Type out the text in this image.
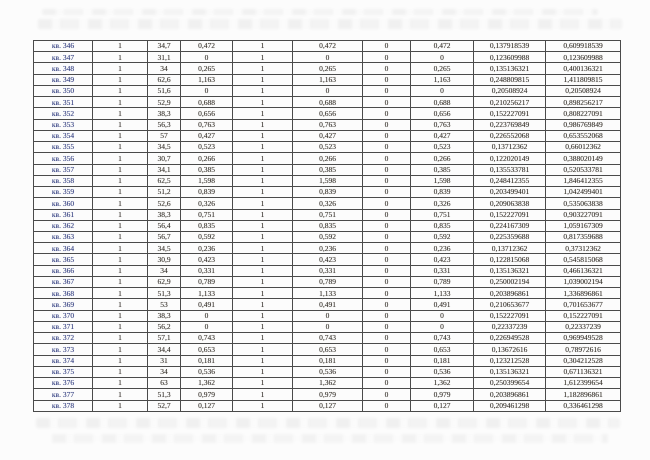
кв. 346	1	34,7	0,472	1	0,472	0	0,472	0,137918539	0,609918539
кв. 347	1	31,1	0	1	0	0	0	0,123609988	0,123609988
кв. 348	1	34	0,265	1	0,265	0	0,265	0,135136321	0,400136321
кв. 349	1	62,6	1,163	1	1,163	0	1,163	0,248809815	1,411809815
кв. 350	1	51,6	0	1	0	0	0	0,20508924	0,20508924
кв. 351	1	52,9	0,688	1	0,688	0	0,688	0,210256217	0,898256217
кв. 352	1	38,3	0,656	1	0,656	0	0,656	0,152227091	0,808227091
кв. 353	1	56,3	0,763	1	0,763	0	0,763	0,223769849	0,986769849
кв. 354	1	57	0,427	1	0,427	0	0,427	0,226552068	0,653552068
кв. 355	1	34,5	0,523	1	0,523	0	0,523	0,13712362	0,66012362
кв. 356	1	30,7	0,266	1	0,266	0	0,266	0,122020149	0,388020149
кв. 357	1	34,1	0,385	1	0,385	0	0,385	0,135533781	0,520533781
кв. 358	1	62,5	1,598	1	1,598	0	1,598	0,248412355	1,846412355
кв. 359	1	51,2	0,839	1	0,839	0	0,839	0,203499401	1,042499401
кв. 360	1	52,6	0,326	1	0,326	0	0,326	0,209063838	0,535063838
кв. 361	1	38,3	0,751	1	0,751	0	0,751	0,152227091	0,903227091
кв. 362	1	56,4	0,835	1	0,835	0	0,835	0,224167309	1,059167309
кв. 363	1	56,7	0,592	1	0,592	0	0,592	0,225359688	0,817359688
кв. 364	1	34,5	0,236	1	0,236	0	0,236	0,13712362	0,37312362
кв. 365	1	30,9	0,423	1	0,423	0	0,423	0,122815068	0,545815068
кв. 366	1	34	0,331	1	0,331	0	0,331	0,135136321	0,466136321
кв. 367	1	62,9	0,789	1	0,789	0	0,789	0,250002194	1,039002194
кв. 368	1	51,3	1,133	1	1,133	0	1,133	0,203896861	1,336896861
кв. 369	1	53	0,491	1	0,491	0	0,491	0,210653677	0,701653677
кв. 370	1	38,3	0	1	0	0	0	0,152227091	0,152227091
кв. 371	1	56,2	0	1	0	0	0	0,22337239	0,22337239
кв. 372	1	57,1	0,743	1	0,743	0	0,743	0,226949528	0,969949528
кв. 373	1	34,4	0,653	1	0,653	0	0,653	0,13672616	0,78972616
кв. 374	1	31	0,181	1	0,181	0	0,181	0,123212528	0,304212528
кв. 375	1	34	0,536	1	0,536	0	0,536	0,135136321	0,671136321
кв. 376	1	63	1,362	1	1,362	0	1,362	0,250399654	1,612399654
кв. 377	1	51,3	0,979	1	0,979	0	0,979	0,203896861	1,182896861
кв. 378	1	52,7	0,127	1	0,127	0	0,127	0,209461298	0,336461298
